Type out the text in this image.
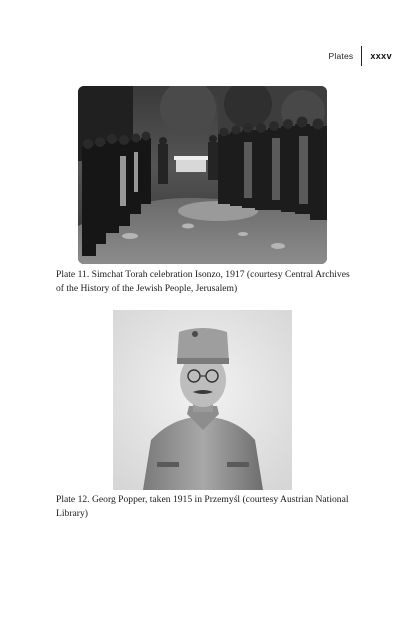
Plates xxxv
Plate 11. Simchat Torah celebration Isonzo, 1917 (courtesy Central Archives of the History of the Jewish People, Jerusalem)
Plate 12. Georg Popper, taken 1915 in Przemyśl (courtesy Austrian National Library)
